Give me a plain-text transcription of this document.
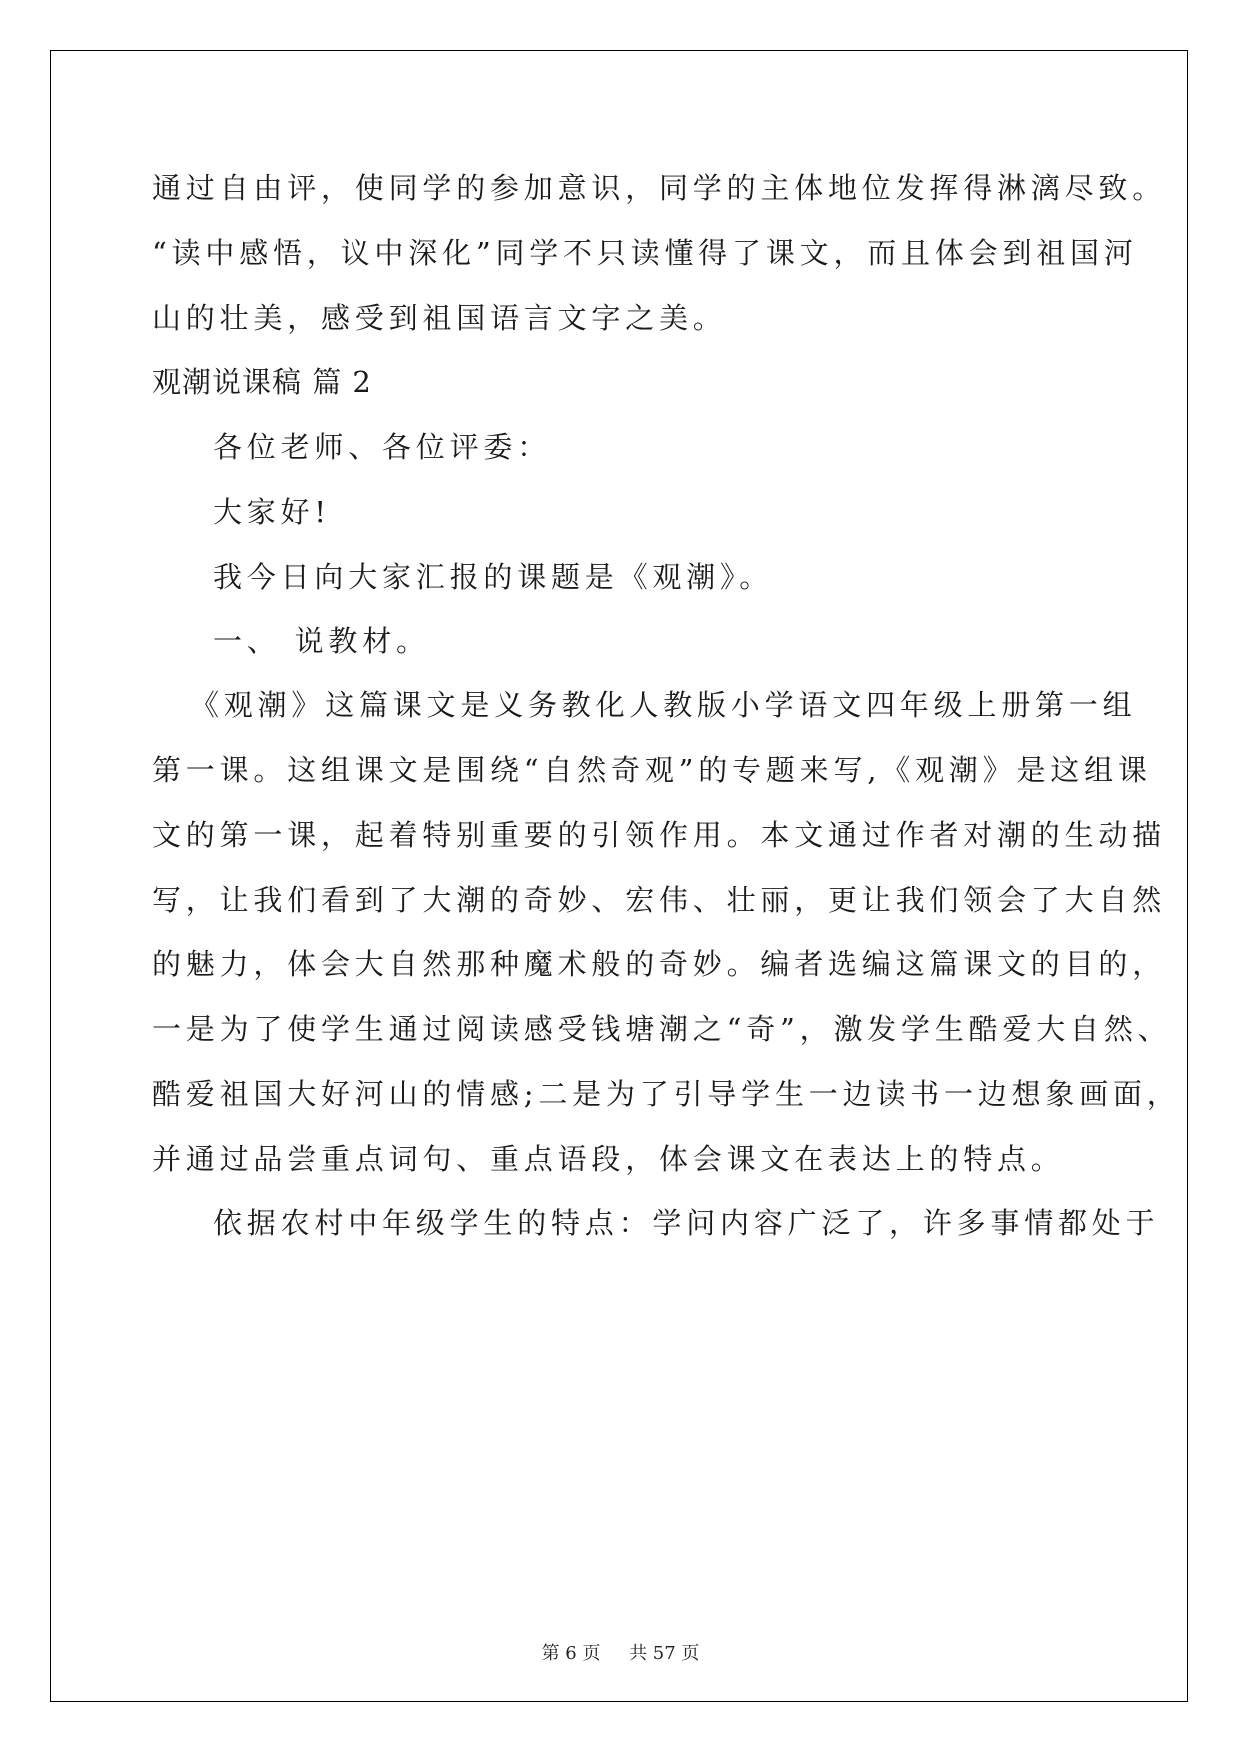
通过自由评，使同学的参加意识，同学的主体地位发挥得淋漓尽致。

“读中感悟，议中深化”同学不只读懂得了课文，而且体会到祖国河

山的壮美，感受到祖国语言文字之美。

观潮说课稿 篇 2

各位老师、各位评委：

大家好!

我今日向大家汇报的课题是《观潮》。

一、 说教材。

《观潮》这篇课文是义务教化人教版小学语文四年级上册第一组

第一课。这组课文是围绕“自然奇观”的专题来写,《观潮》是这组课

文的第一课，起着特别重要的引领作用。本文通过作者对潮的生动描

写，让我们看到了大潮的奇妙、宏伟、壮丽，更让我们领会了大自然

的魅力，体会大自然那种魔术般的奇妙。编者选编这篇课文的目的，

一是为了使学生通过阅读感受钱塘潮之“奇”，激发学生酷爱大自然、

酷爱祖国大好河山的情感;二是为了引导学生一边读书一边想象画面，

并通过品尝重点词句、重点语段，体会课文在表达上的特点。

依据农村中年级学生的特点：学问内容广泛了，许多事情都处于

第 6 页 共 57 页
